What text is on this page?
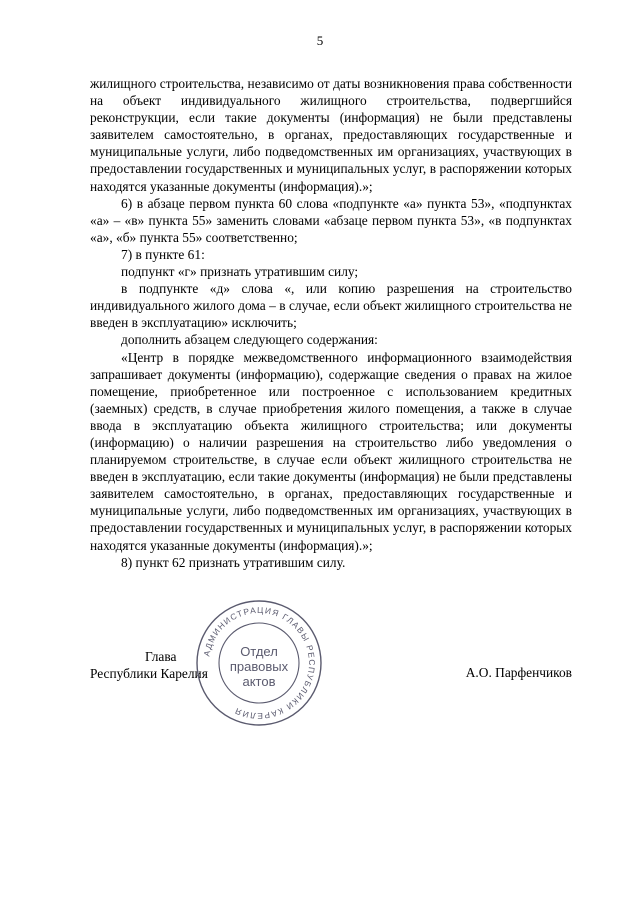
5

жилищного строительства, независимо от даты возникновения права собственности на объект индивидуального жилищного строительства, подвергшийся реконструкции, если такие документы (информация) не были представлены заявителем самостоятельно, в органах, предоставляющих государственные и муниципальные услуги, либо подведомственных им организациях, участвующих в предоставлении государственных и муниципальных услуг, в распоряжении которых находятся указанные документы (информация).»;

6) в абзаце первом пункта 60 слова «подпункте «а» пункта 53», «подпунктах «а» – «в» пункта 55» заменить словами «абзаце первом пункта 53», «в подпунктах «а», «б» пункта 55» соответственно;

7) в пункте 61:

подпункт «г» признать утратившим силу;

в подпункте «д» слова «, или копию разрешения на строительство индивидуального жилого дома – в случае, если объект жилищного строительства не введен в эксплуатацию» исключить;

дополнить абзацем следующего содержания:

«Центр в порядке межведомственного информационного взаимодействия запрашивает документы (информацию), содержащие сведения о правах на жилое помещение, приобретенное или построенное с использованием кредитных (заемных) средств, в случае приобретения жилого помещения, а также в случае ввода в эксплуатацию объекта жилищного строительства; или документы (информацию) о наличии разрешения на строительство либо уведомления о планируемом строительстве, в случае если объект жилищного строительства не введен в эксплуатацию, если такие документы (информация) не были представлены заявителем самостоятельно, в органах, предоставляющих государственные и муниципальные услуги, либо подведомственных им организациях, участвующих в предоставлении государственных и муниципальных услуг, в распоряжении которых находятся указанные документы (информация).»;

8) пункт 62 признать утратившим силу.

Глава
Республики Карелия	А.О. Парфенчиков
АДМИНИСТРАЦИЯ ГЛАВЫ РЕСПУБЛИКИ КАРЕЛИЯ
Отдел
правовых
актов
